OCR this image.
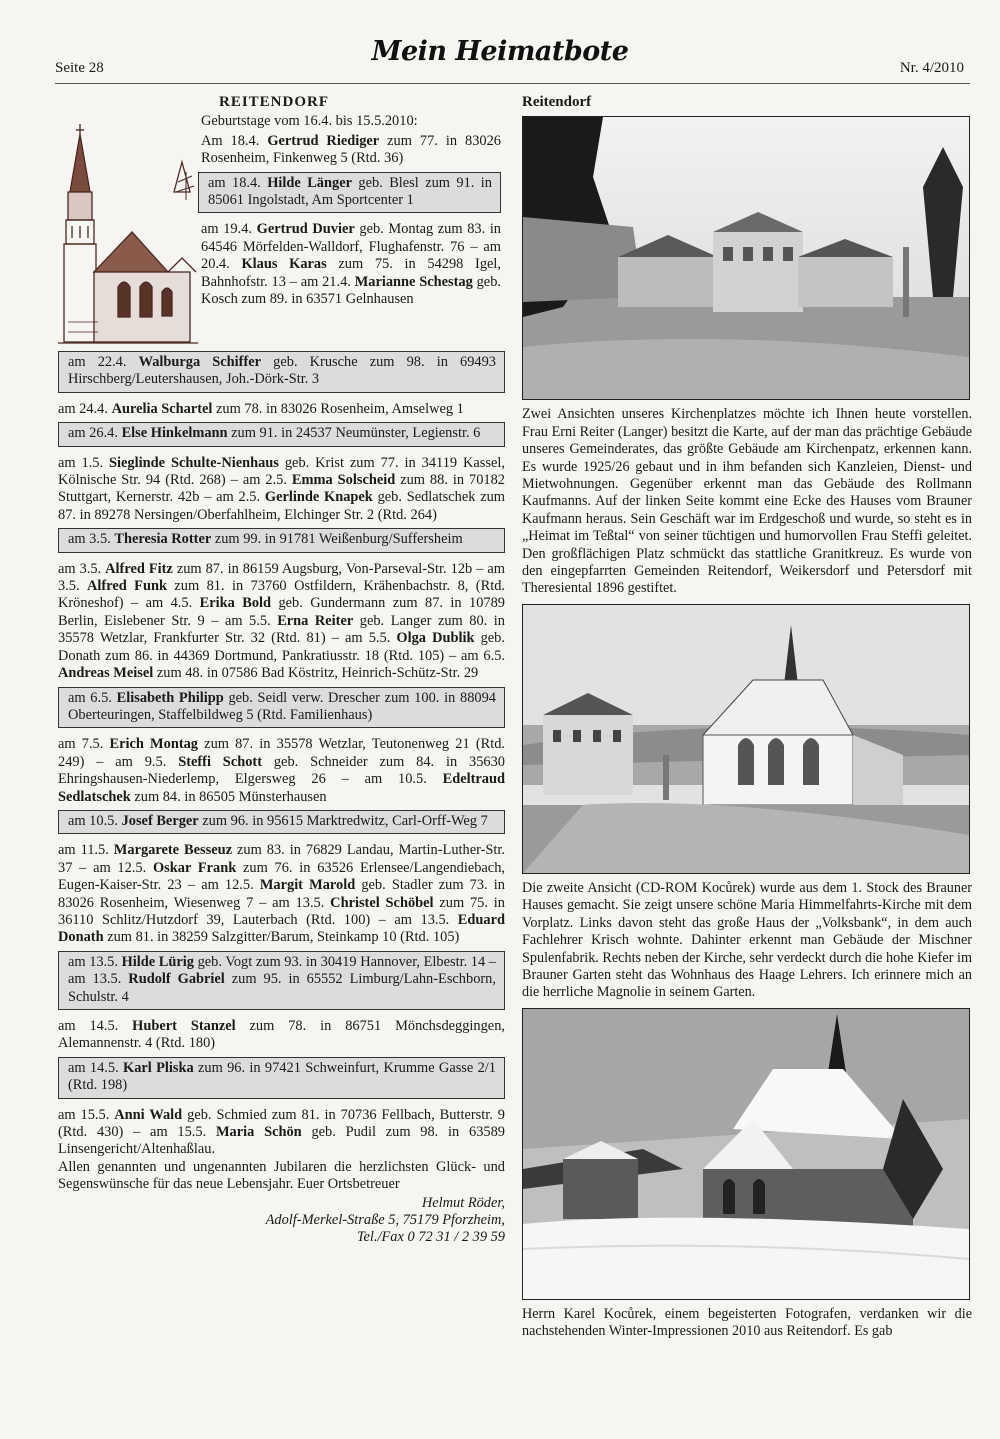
Seite 28
Mein Heimatbote
Nr. 4/2010
REITENDORF
Geburtstage vom 16.4. bis 15.5.2010:
Am 18.4. Gertrud Riediger zum 77. in 83026 Rosenheim, Finkenweg 5 (Rtd. 36)
am 18.4. Hilde Länger geb. Blesl zum 91. in 85061 Ingolstadt, Am Sportcenter 1
am 19.4. Gertrud Duvier geb. Montag zum 83. in 64546 Mörfelden-Walldorf, Flughafenstr. 76 – am 20.4. Klaus Karas zum 75. in 54298 Igel, Bahnhofstr. 13 – am 21.4. Marianne Schestag geb. Kosch zum 89. in 63571 Gelnhausen
am 22.4. Walburga Schiffer geb. Krusche zum 98. in 69493 Hirschberg/Leutershausen, Joh.-Dörk-Str. 3
am 24.4. Aurelia Schartel zum 78. in 83026 Rosenheim, Amselweg 1
am 26.4. Else Hinkelmann zum 91. in 24537 Neumünster, Legienstr. 6
am 1.5. Sieglinde Schulte-Nienhaus geb. Krist zum 77. in 34119 Kassel, Kölnische Str. 94 (Rtd. 268) – am 2.5. Emma Solscheid zum 88. in 70182 Stuttgart, Kernerstr. 42b – am 2.5. Gerlinde Knapek geb. Sedlatschek zum 87. in 89278 Nersingen/Oberfahlheim, Elchinger Str. 2 (Rtd. 264)
am 3.5. Theresia Rotter zum 99. in 91781 Weißenburg/Suffersheim
am 3.5. Alfred Fitz zum 87. in 86159 Augsburg, Von-Parseval-Str. 12b – am 3.5. Alfred Funk zum 81. in 73760 Ostfildern, Krähenbachstr. 8, (Rtd. Kröneshof) – am 4.5. Erika Bold geb. Gundermann zum 87. in 10789 Berlin, Eislebener Str. 9 – am 5.5. Erna Reiter geb. Langer zum 80. in 35578 Wetzlar, Frankfurter Str. 32 (Rtd. 81) – am 5.5. Olga Dublik geb. Donath zum 86. in 44369 Dortmund, Pankratiusstr. 18 (Rtd. 105) – am 6.5. Andreas Meisel zum 48. in 07586 Bad Köstritz, Heinrich-Schütz-Str. 29
am 6.5. Elisabeth Philipp geb. Seidl verw. Drescher zum 100. in 88094 Oberteuringen, Staffelbildweg 5 (Rtd. Familienhaus)
am 7.5. Erich Montag zum 87. in 35578 Wetzlar, Teutonenweg 21 (Rtd. 249) – am 9.5. Steffi Schott geb. Schneider zum 84. in 35630 Ehringshausen-Niederlemp, Elgersweg 26 – am 10.5. Edeltraud Sedlatschek zum 84. in 86505 Münsterhausen
am 10.5. Josef Berger zum 96. in 95615 Marktredwitz, Carl-Orff-Weg 7
am 11.5. Margarete Besseuz zum 83. in 76829 Landau, Martin-Luther-Str. 37 – am 12.5. Oskar Frank zum 76. in 63526 Erlensee/Langendiebach, Eugen-Kaiser-Str. 23 – am 12.5. Margit Marold geb. Stadler zum 73. in 83026 Rosenheim, Wiesenweg 7 – am 13.5. Christel Schöbel zum 75. in 36110 Schlitz/Hutzdorf 39, Lauterbach (Rtd. 100) – am 13.5. Eduard Donath zum 81. in 38259 Salzgitter/Barum, Steinkamp 10 (Rtd. 105)
am 13.5. Hilde Lürig geb. Vogt zum 93. in 30419 Hannover, Elbestr. 14 – am 13.5. Rudolf Gabriel zum 95. in 65552 Limburg/Lahn-Eschborn, Schulstr. 4
am 14.5. Hubert Stanzel zum 78. in 86751 Mönchsdeggingen, Alemannenstr. 4 (Rtd. 180)
am 14.5. Karl Pliska zum 96. in 97421 Schweinfurt, Krumme Gasse 2/1 (Rtd. 198)
am 15.5. Anni Wald geb. Schmied zum 81. in 70736 Fellbach, Butterstr. 9 (Rtd. 430) – am 15.5. Maria Schön geb. Pudil zum 98. in 63589 Linsengericht/Altenhaßlau.
Allen genannten und ungenannten Jubilaren die herzlichsten Glück- und Segenswünsche für das neue Lebensjahr. Euer Ortsbetreuer
Helmut Röder,
Adolf-Merkel-Straße 5, 75179 Pforzheim,
Tel./Fax 0 72 31 / 2 39 59
Reitendorf
Zwei Ansichten unseres Kirchenplatzes möchte ich Ihnen heute vorstellen. Frau Erni Reiter (Langer) besitzt die Karte, auf der man das prächtige Gebäude unseres Gemeinderates, das größte Gebäude am Kirchenpatz, erkennen kann. Es wurde 1925/26 gebaut und in ihm befanden sich Kanzleien, Dienst- und Mietwohnungen. Gegenüber erkennt man das Gebäude des Rollmann Kaufmanns. Auf der linken Seite kommt eine Ecke des Hauses vom Brauner Kaufmann heraus. Sein Geschäft war im Erdgeschoß und wurde, so steht es in „Heimat im Teßtal“ von seiner tüchtigen und humorvollen Frau Steffi geleitet. Den großflächigen Platz schmückt das stattliche Granitkreuz. Es wurde von den eingepfarrten Gemeinden Reitendorf, Weikersdorf und Petersdorf mit Theresiental 1896 gestiftet.
Die zweite Ansicht (CD-ROM Kocůrek) wurde aus dem 1. Stock des Brauner Hauses gemacht. Sie zeigt unsere schöne Maria Himmelfahrts-Kirche mit dem Vorplatz. Links davon steht das große Haus der „Volksbank“, in dem auch Fachlehrer Krisch wohnte. Dahinter erkennt man Gebäude der Mischner Spulenfabrik. Rechts neben der Kirche, sehr verdeckt durch die hohe Kiefer im Brauner Garten steht das Wohnhaus des Haage Lehrers. Ich erinnere mich an die herrliche Magnolie in seinem Garten.
Herrn Karel Kocůrek, einem begeisterten Fotografen, verdanken wir die nachstehenden Winter-Impressionen 2010 aus Reitendorf. Es gab
